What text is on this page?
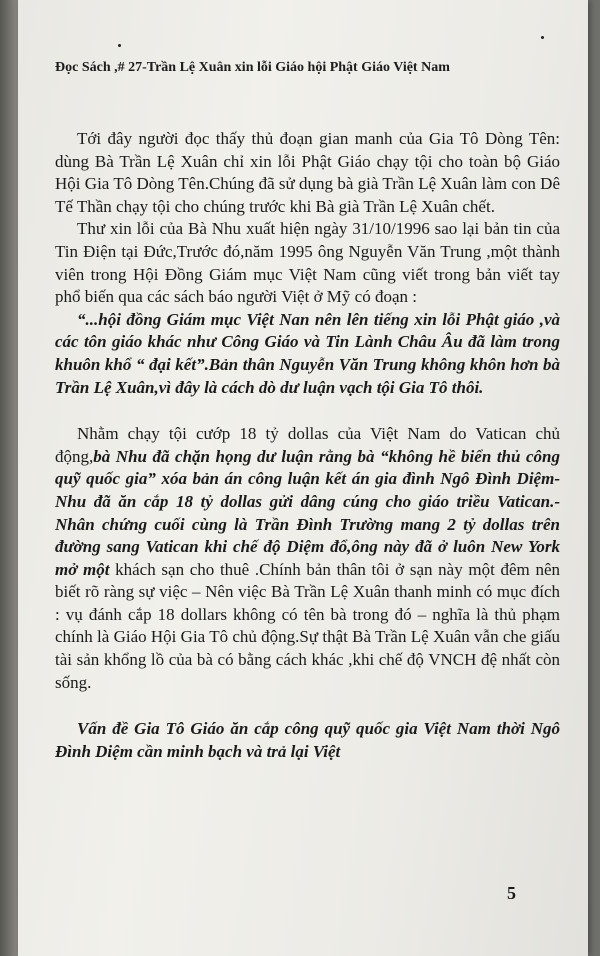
Đọc Sách ,# 27-Trần Lệ Xuân xin lỗi Giáo hội Phật Giáo Việt Nam

Tới đây người đọc thấy thủ đoạn gian manh của Gia Tô Dòng Tên: dùng Bà Trần Lệ Xuân chỉ xin lỗi Phật Giáo chạy tội cho toàn bộ Giáo Hội Gia Tô Dòng Tên.Chúng đã sử dụng bà già Trần Lệ Xuân làm con Dê Tế Thần chạy tội cho chúng trước khi Bà già Trần Lệ Xuân chết.

Thư xin lỗi của Bà Nhu xuất hiện ngày 31/10/1996 sao lại bản tin của Tin Điện tại Đức,Trước đó,năm 1995 ông Nguyễn Văn Trung ,một thành viên trong Hội Đồng Giám mục Việt Nam cũng viết trong bản viết tay phổ biến qua các sách báo người Việt ở Mỹ có đoạn :

“...hội đồng Giám mục Việt Nan nên lên tiếng xin lỗi Phật giáo ,và các tôn giáo khác như Công Giáo và Tin Lành Châu Âu đã làm trong khuôn khổ “ đại kết”.Bản thân Nguyễn Văn Trung không khôn hơn bà Trần Lệ Xuân,vì đây là cách dò dư luận vạch tội Gia Tô thôi.

Nhằm chạy tội cướp 18 tỷ dollas của Việt Nam do Vatican chủ động,bà Nhu đã chặn họng dư luận rằng bà “không hề biển thủ công quỹ quốc gia” xóa bản án công luận kết án gia đình Ngô Đình Diệm-Nhu đã ăn cắp 18 tỷ dollas gửi dâng cúng cho giáo triều Vatican.- Nhân chứng cuối cùng là Trần Đình Trường mang 2 tỷ dollas trên đường sang Vatican khi chế độ Diệm đổ,ông này đã ở luôn New York mở một khách sạn cho thuê .Chính bản thân tôi ở sạn này một đêm nên biết rõ ràng sự việc – Nên việc Bà Trần Lệ Xuân thanh minh có mục đích : vụ đánh cắp 18 dollars không có tên bà trong đó – nghĩa là thủ phạm chính là Giáo Hội Gia Tô chủ động.Sự thật Bà Trần Lệ Xuân vẫn che giấu tài sản khổng lồ của bà có bằng cách khác ,khi chế độ VNCH đệ nhất còn sống.

Vấn đề Gia Tô Giáo ăn cắp công quỹ quốc gia Việt Nam thời Ngô Đình Diệm cần minh bạch và trả lại Việt

5
